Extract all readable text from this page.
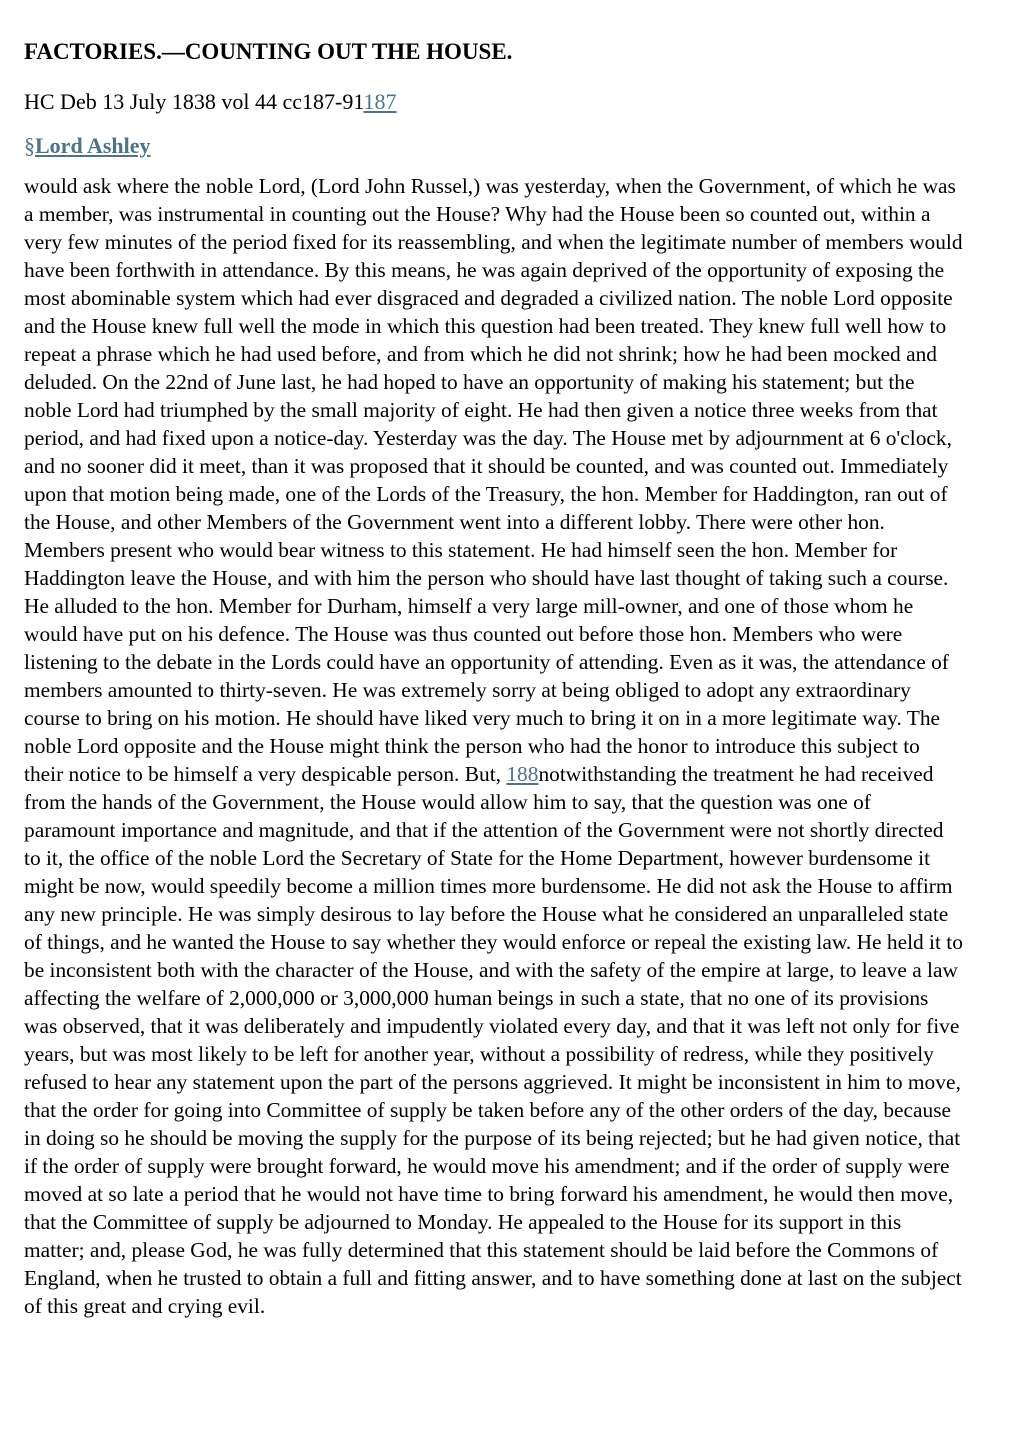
FACTORIES.—COUNTING OUT THE HOUSE.
HC Deb 13 July 1838 vol 44 cc187-91187
§Lord Ashley

would ask where the noble Lord, (Lord John Russel,) was yesterday, when the Government, of which he was a member, was instrumental in counting out the House? Why had the House been so counted out, within a very few minutes of the period fixed for its reassembling, and when the legitimate number of members would have been forthwith in attendance. By this means, he was again deprived of the opportunity of exposing the most abominable system which had ever disgraced and degraded a civilized nation. The noble Lord opposite and the House knew full well the mode in which this question had been treated. They knew full well how to repeat a phrase which he had used before, and from which he did not shrink; how he had been mocked and deluded. On the 22nd of June last, he had hoped to have an opportunity of making his statement; but the noble Lord had triumphed by the small majority of eight. He had then given a notice three weeks from that period, and had fixed upon a notice-day. Yesterday was the day. The House met by adjournment at 6 o'clock, and no sooner did it meet, than it was proposed that it should be counted, and was counted out. Immediately upon that motion being made, one of the Lords of the Treasury, the hon. Member for Haddington, ran out of the House, and other Members of the Government went into a different lobby. There were other hon. Members present who would bear witness to this statement. He had himself seen the hon. Member for Haddington leave the House, and with him the person who should have last thought of taking such a course. He alluded to the hon. Member for Durham, himself a very large mill-owner, and one of those whom he would have put on his defence. The House was thus counted out before those hon. Members who were listening to the debate in the Lords could have an opportunity of attending. Even as it was, the attendance of members amounted to thirty-seven. He was extremely sorry at being obliged to adopt any extraordinary course to bring on his motion. He should have liked very much to bring it on in a more legitimate way. The noble Lord opposite and the House might think the person who had the honor to introduce this subject to their notice to be himself a very despicable person. But, 188notwithstanding the treatment he had received from the hands of the Government, the House would allow him to say, that the question was one of paramount importance and magnitude, and that if the attention of the Government were not shortly directed to it, the office of the noble Lord the Secretary of State for the Home Department, however burdensome it might be now, would speedily become a million times more burdensome. He did not ask the House to affirm any new principle. He was simply desirous to lay before the House what he considered an unparalleled state of things, and he wanted the House to say whether they would enforce or repeal the existing law. He held it to be inconsistent both with the character of the House, and with the safety of the empire at large, to leave a law affecting the welfare of 2,000,000 or 3,000,000 human beings in such a state, that no one of its provisions was observed, that it was deliberately and impudently violated every day, and that it was left not only for five years, but was most likely to be left for another year, without a possibility of redress, while they positively refused to hear any statement upon the part of the persons aggrieved. It might be inconsistent in him to move, that the order for going into Committee of supply be taken before any of the other orders of the day, because in doing so he should be moving the supply for the purpose of its being rejected; but he had given notice, that if the order of supply were brought forward, he would move his amendment; and if the order of supply were moved at so late a period that he would not have time to bring forward his amendment, he would then move, that the Committee of supply be adjourned to Monday. He appealed to the House for its support in this matter; and, please God, he was fully determined that this statement should be laid before the Commons of England, when he trusted to obtain a full and fitting answer, and to have something done at last on the subject of this great and crying evil.
